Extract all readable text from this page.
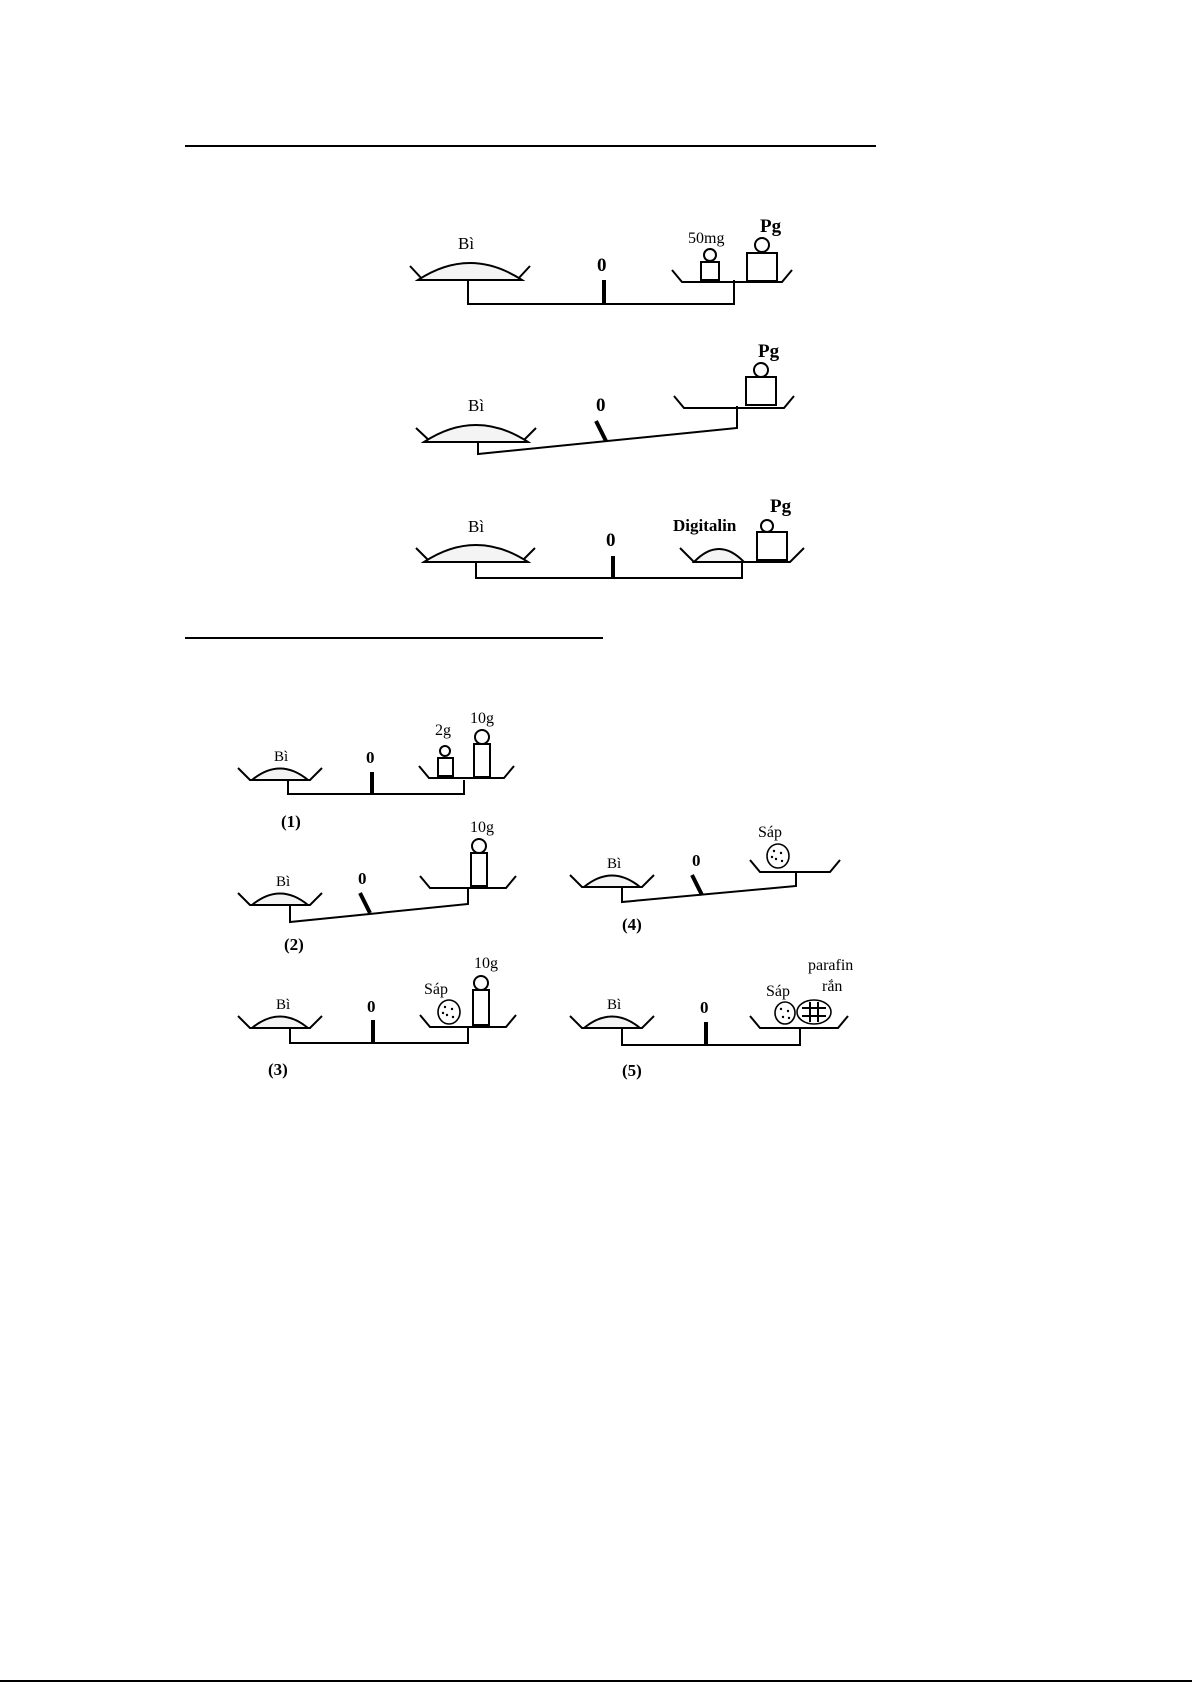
Bì
0
50mg
Pg
Bì	0
Pg
Bì
0
Digitalin
Pg
Bì	0
2g
10g
(1)
Bì	0
10g
(2)
Bì	0
Sáp
10g
(3)
Bì	0
Sáp
(4)
Bì	0
Sáp
parafin
rắn
(5)
